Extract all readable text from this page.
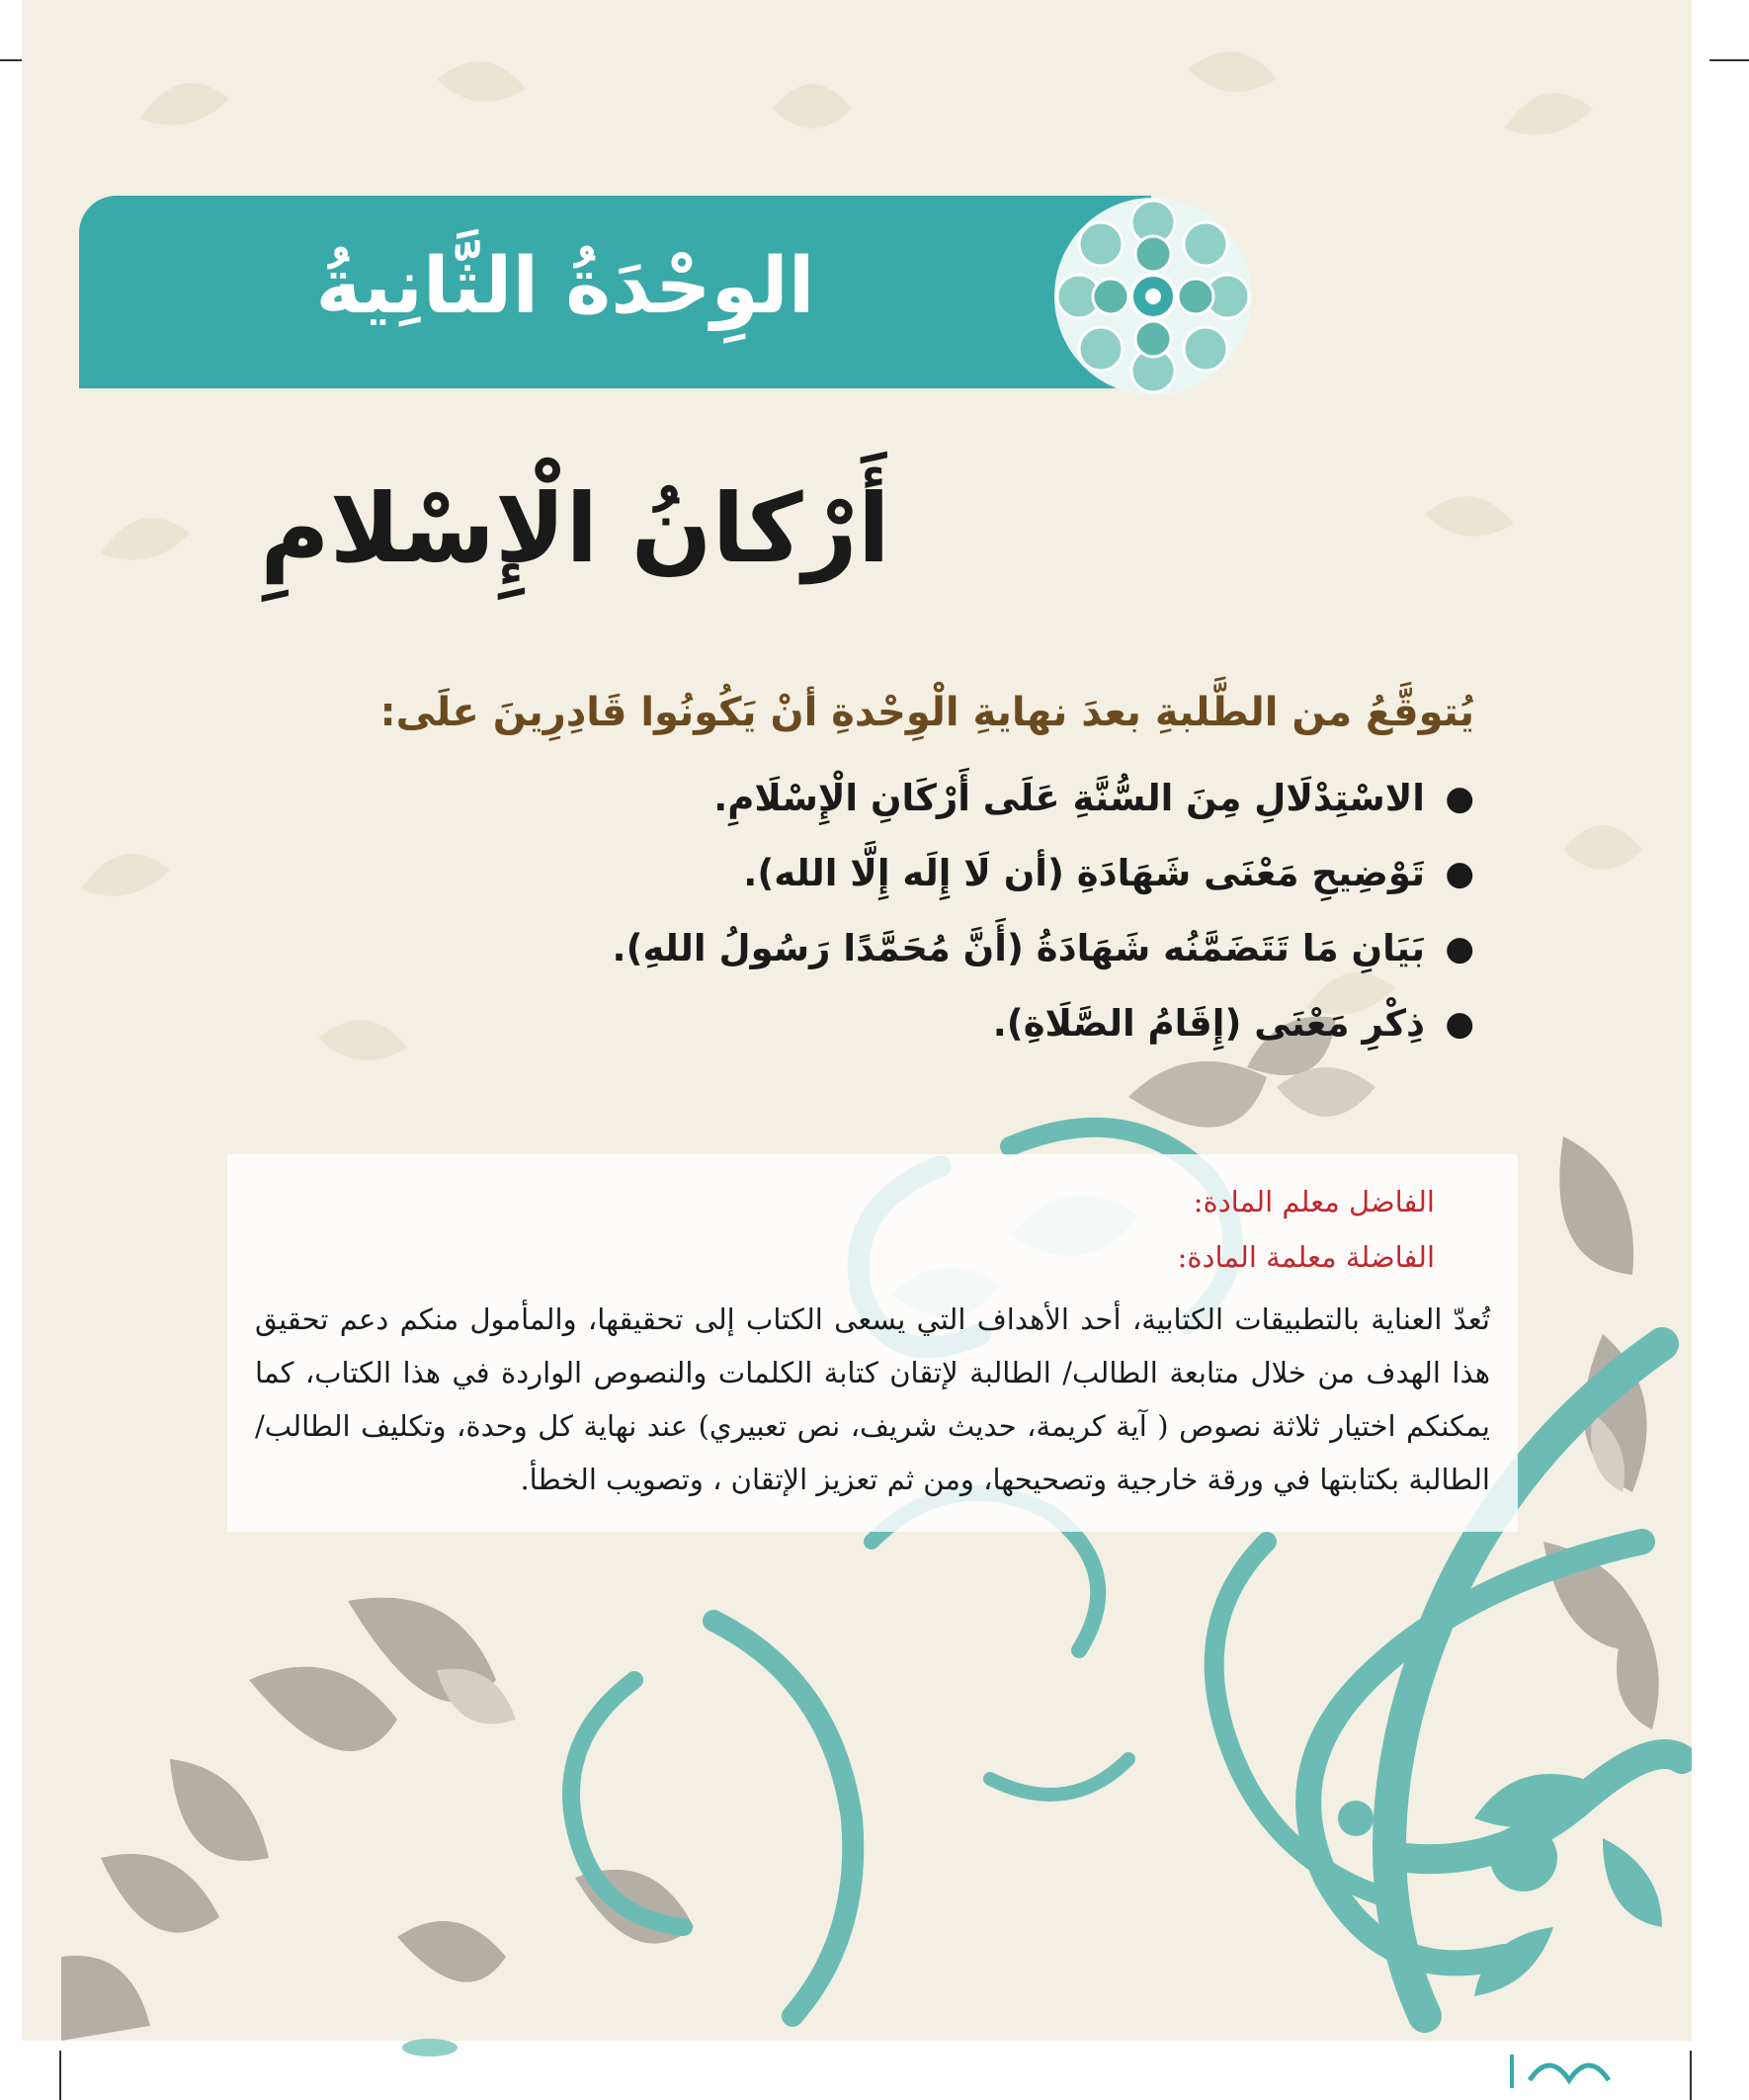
الوِحْدَةُ الثَّانِيةُ
أَرْكانُ الْإِسْلامِ

يُتوقَّعُ من الطَّلبةِ بعدَ نهايةِ الْوِحْدةِ أنْ يَكُونُوا قَادِرِينَ علَى:

●
الاسْتِدْلَالِ مِنَ السُّنَّةِ عَلَى أَرْكَانِ الْإِسْلَامِ.
●
تَوْضِيحِ مَعْنَى شَهَادَةِ (أن لَا إِلَه إِلَّا الله).
●
بَيَانِ مَا تَتَضَمَّنُه شَهَادَةُ (أَنَّ مُحَمَّدًا رَسُولُ اللهِ).
●
ذِكْرِ مَعْنَى (إِقَامُ الصَّلَاةِ).
الفاضل معلم المادة:
الفاضلة معلمة المادة:
تُعدّ العناية بالتطبيقات الكتابية، أحد الأهداف التي يسعى الكتاب إلى تحقيقها، والمأمول منكم دعم تحقيق هذا الهدف من خلال متابعة الطالب/ الطالبة لإتقان كتابة الكلمات والنصوص الواردة في هذا الكتاب، كما يمكنكم اختيار ثلاثة نصوص ( آية كريمة، حديث شريف، نص تعبيري) عند نهاية كل وحدة، وتكليف الطالب/ الطالبة بكتابتها في ورقة خارجية وتصحيحها، ومن ثم تعزيز الإتقان ، وتصويب الخطأ.
